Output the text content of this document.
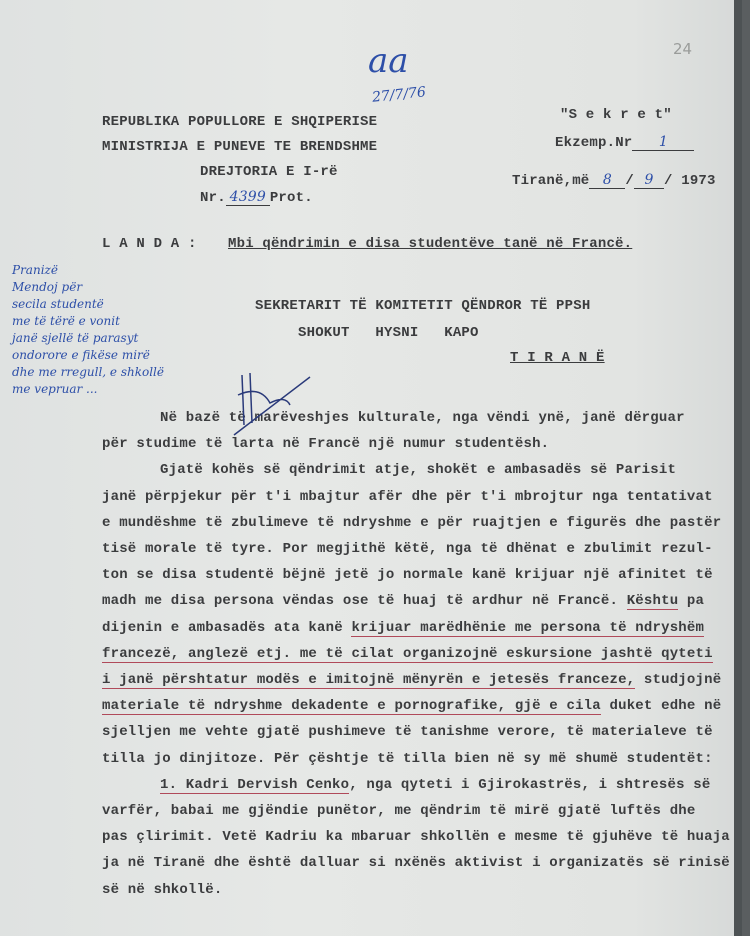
24
aa
27/7/76
REPUBLIKA POPULLORE E SHQIPERISE
MINISTRIJA E PUNEVE TE BRENDSHME
DREJTORIA E I-rë
Nr. 4399 Prot.
"S e k r e t"
Ekzemp.Nr 1
Tiranë,më 8 / 9 / 1973
L A N D A : Mbi qëndrimin e disa studentëve tanë në Francë.
SEKRETARIT TË KOMITETIT QËNDROR TË PPSH
SHOKUT   HYSNI   KAPO
T I R A N Ë
Në bazë të marëveshjes kulturale, nga vëndi ynë, janë dërguar
për studime të larta në Francë një numur studentësh.
Gjatë kohës së qëndrimit atje, shokët e ambasadës së Parisit
janë përpjekur për t'i mbajtur afër dhe për t'i mbrojtur nga tentativat
e mundëshme të zbulimeve të ndryshme e për ruajtjen e figurës dhe pastër
tisë morale të tyre. Por megjithë këtë, nga të dhënat e zbulimit rezul-
ton se disa studentë bëjnë jetë jo normale kanë krijuar një afinitet të
madh me disa persona vëndas ose të huaj të ardhur në Francë. Kështu pa
dijenin e ambasadës ata kanë krijuar marëdhënie me persona të ndryshëm
francezë, anglezë etj. me të cilat organizojnë eskursione jashtë qyteti
i janë përshtatur modës e imitojnë mënyrën e jetesës franceze, studjojnë
materiale të ndryshme dekadente e pornografike, gjë e cila duket edhe në
sjelljen me vehte gjatë pushimeve të tanishme verore, të materialeve të
tilla jo dinjitoze. Për çështje të tilla bien në sy më shumë studentët:
1. Kadri Dervish Cenko, nga qyteti i Gjirokastrës, i shtresës së
varfër, babai me gjëndie punëtor, me qëndrim të mirë gjatë luftës dhe
pas çlirimit. Vetë Kadriu ka mbaruar shkollën e mesme të gjuhëve të huaja
ja në Tiranë dhe është dalluar si nxënës aktivist i organizatës së rinisë
së në shkollë.
Pranizë
Mendoj për
secila studentë
me të tërë e vonit
janë sjellë të parasyt
ondorore e fikëse mirë
dhe me rregull, e shkollë
me vepruar ...
